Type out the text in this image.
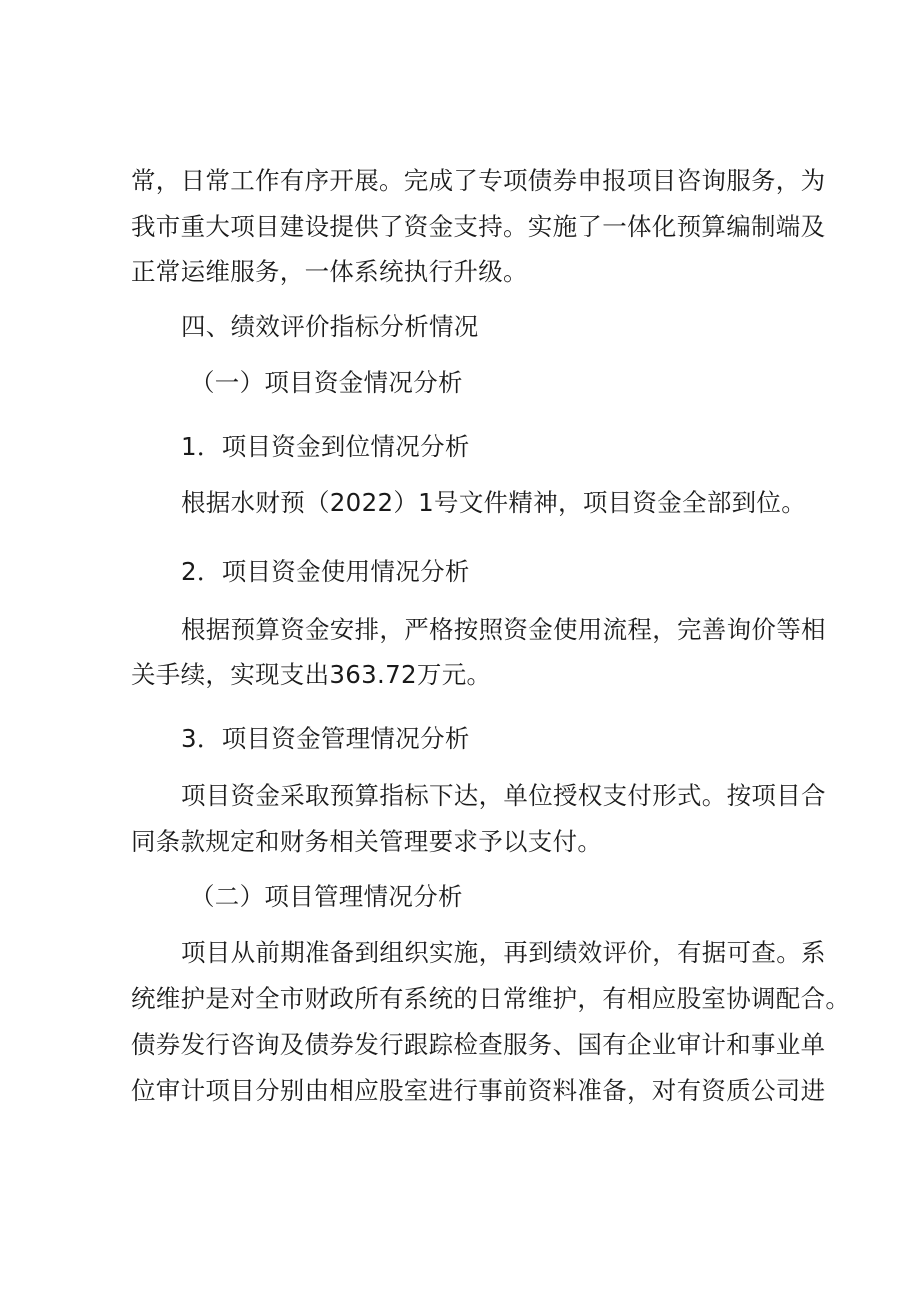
常，日常工作有序开展。完成了专项债券申报项目咨询服务，为
我市重大项目建设提供了资金支持。实施了一体化预算编制端及
正常运维服务，一体系统执行升级。
四、绩效评价指标分析情况
（一）项目资金情况分析
1．项目资金到位情况分析
根据水财预（2022）1号文件精神，项目资金全部到位。
2．项目资金使用情况分析
根据预算资金安排，严格按照资金使用流程，完善询价等相
关手续，实现支出363.72万元。
3．项目资金管理情况分析
项目资金采取预算指标下达，单位授权支付形式。按项目合
同条款规定和财务相关管理要求予以支付。
（二）项目管理情况分析
项目从前期准备到组织实施，再到绩效评价，有据可查。系
统维护是对全市财政所有系统的日常维护，有相应股室协调配合。
债券发行咨询及债券发行跟踪检查服务、国有企业审计和事业单
位审计项目分别由相应股室进行事前资料准备，对有资质公司进
